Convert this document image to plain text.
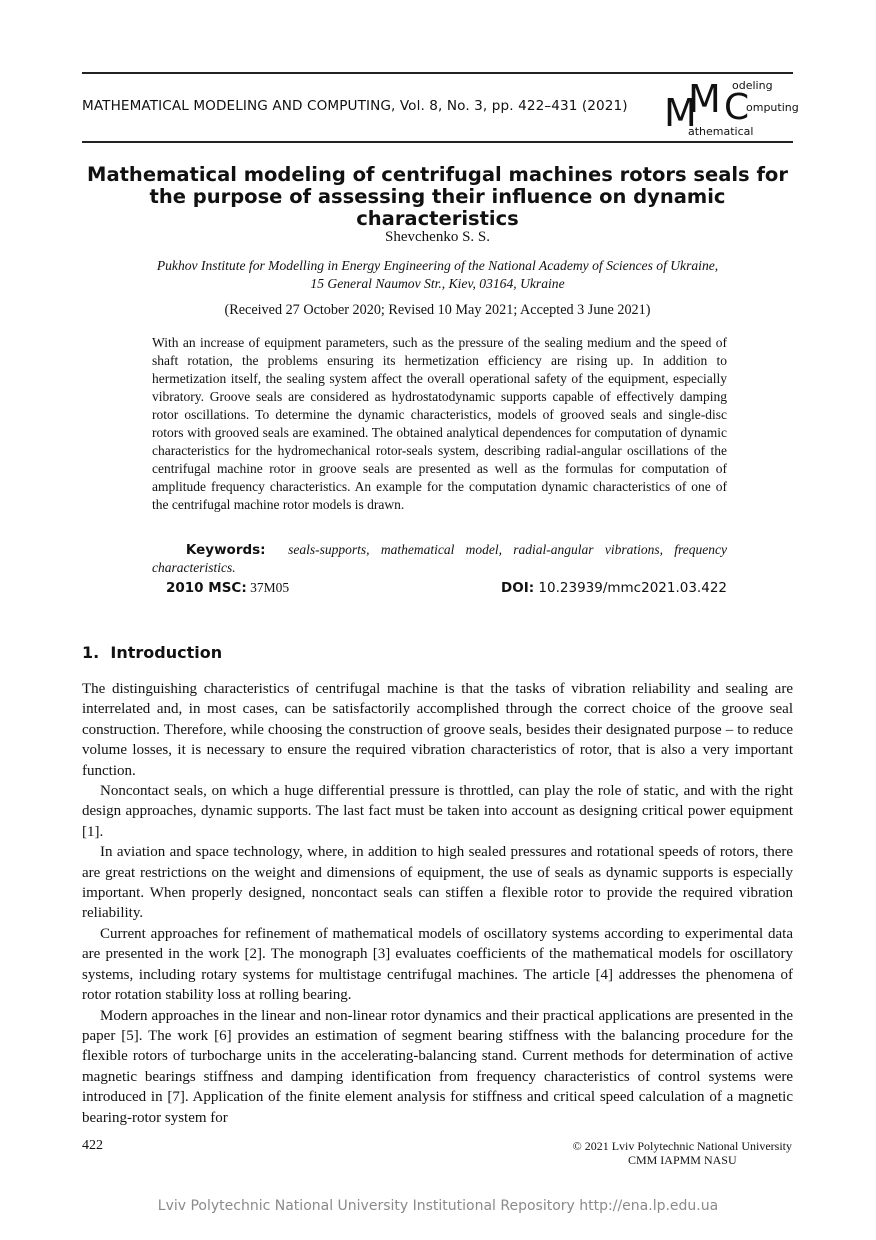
MATHEMATICAL MODELING AND COMPUTING, Vol. 8, No. 3, pp. 422–431 (2021) M
M C
odeling
omputing
athematical
Mathematical modeling of centrifugal machines rotors seals for the purpose of assessing their influence on dynamic characteristics
Shevchenko S. S.
Pukhov Institute for Modelling in Energy Engineering of the National Academy of Sciences of Ukraine,
15 General Naumov Str., Kiev, 03164, Ukraine
(Received 27 October 2020; Revised 10 May 2021; Accepted 3 June 2021)
With an increase of equipment parameters, such as the pressure of the sealing medium and the speed of shaft rotation, the problems ensuring its hermetization efficiency are rising up. In addition to hermetization itself, the sealing system affect the overall operational safety of the equipment, especially vibratory. Groove seals are considered as hydrostatodynamic supports capable of effectively damping rotor oscillations. To determine the dynamic characteristics, models of grooved seals and single-disc rotors with grooved seals are examined. The obtained analytical dependences for computation of dynamic characteristics for the hydromechanical rotor-seals system, describing radial-angular oscillations of the centrifugal machine rotor in groove seals are presented as well as the formulas for computation of amplitude frequency characteristics. An example for the computation dynamic characteristics of one of the centrifugal machine rotor models is drawn.
Keywords: seals-supports, mathematical model, radial-angular vibrations, frequency characteristics.
2010 MSC: 37M05	DOI: 10.23939/mmc2021.03.422
1. Introduction

The distinguishing characteristics of centrifugal machine is that the tasks of vibration reliability and sealing are interrelated and, in most cases, can be satisfactorily accomplished through the correct choice of the groove seal construction. Therefore, while choosing the construction of groove seals, besides their designated purpose – to reduce volume losses, it is necessary to ensure the required vibration characteristics of rotor, that is also a very important function.

Noncontact seals, on which a huge differential pressure is throttled, can play the role of static, and with the right design approaches, dynamic supports. The last fact must be taken into account as designing critical power equipment [1].

In aviation and space technology, where, in addition to high sealed pressures and rotational speeds of rotors, there are great restrictions on the weight and dimensions of equipment, the use of seals as dynamic supports is especially important. When properly designed, noncontact seals can stiffen a flexible rotor to provide the required vibration reliability.

Current approaches for refinement of mathematical models of oscillatory systems according to experimental data are presented in the work [2]. The monograph [3] evaluates coefficients of the mathematical models for oscillatory systems, including rotary systems for multistage centrifugal machines. The article [4] addresses the phenomena of rotor rotation stability loss at rolling bearing.

Modern approaches in the linear and non-linear rotor dynamics and their practical applications are presented in the paper [5]. The work [6] provides an estimation of segment bearing stiffness with the balancing procedure for the flexible rotors of turbocharge units in the accelerating-balancing stand. Current methods for determination of active magnetic bearings stiffness and damping identification from frequency characteristics of control systems were introduced in [7]. Application of the finite element analysis for stiffness and critical speed calculation of a magnetic bearing-rotor system for

422	© 2021 Lviv Polytechnic National University
CMM IAPMM NASU
Lviv Polytechnic National University Institutional Repository http://ena.lp.edu.ua
